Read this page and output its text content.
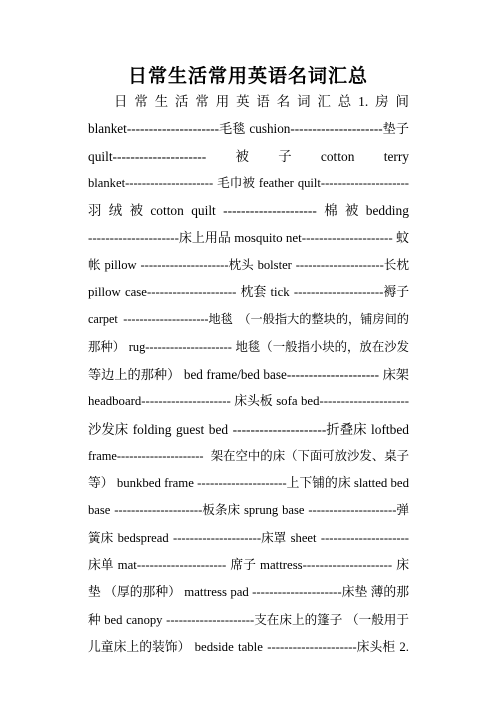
日常生活常用英语名词汇总
日 常 生 活 常 用 英 语 名 词 汇 总 1. 房 间
blanket---------------------毛毯 cushion---------------------垫子
quilt--------------------- 被 子 cotton terry
blanket--------------------- 毛巾被 feather quilt---------------------
羽 绒 被 cotton quilt --------------------- 棉 被 bedding
---------------------床上用品 mosquito net--------------------- 蚊
帐 pillow ---------------------枕头 bolster ---------------------长枕
pillow case--------------------- 枕套 tick ---------------------褥子
carpet ---------------------地毯 （一般指大的整块的，铺房间的
那种） rug--------------------- 地毯（一般指小块的，放在沙发
等边上的那种） bed frame/bed base--------------------- 床架
headboard--------------------- 床头板 sofa bed---------------------
沙发床 folding guest bed ---------------------折叠床 loftbed
frame--------------------- 架在空中的床（下面可放沙发、桌子
等） bunkbed frame ---------------------上下铺的床 slatted bed
base ---------------------板条床 sprung base ---------------------弹
簧床 bedspread ---------------------床罩 sheet ---------------------
床单 mat--------------------- 席子 mattress--------------------- 床
垫 （厚的那种） mattress pad ---------------------床垫 薄的那
种 bed canopy ---------------------支在床上的篷子 （一般用于
儿童床上的装饰） bedside table ---------------------床头柜 2.
